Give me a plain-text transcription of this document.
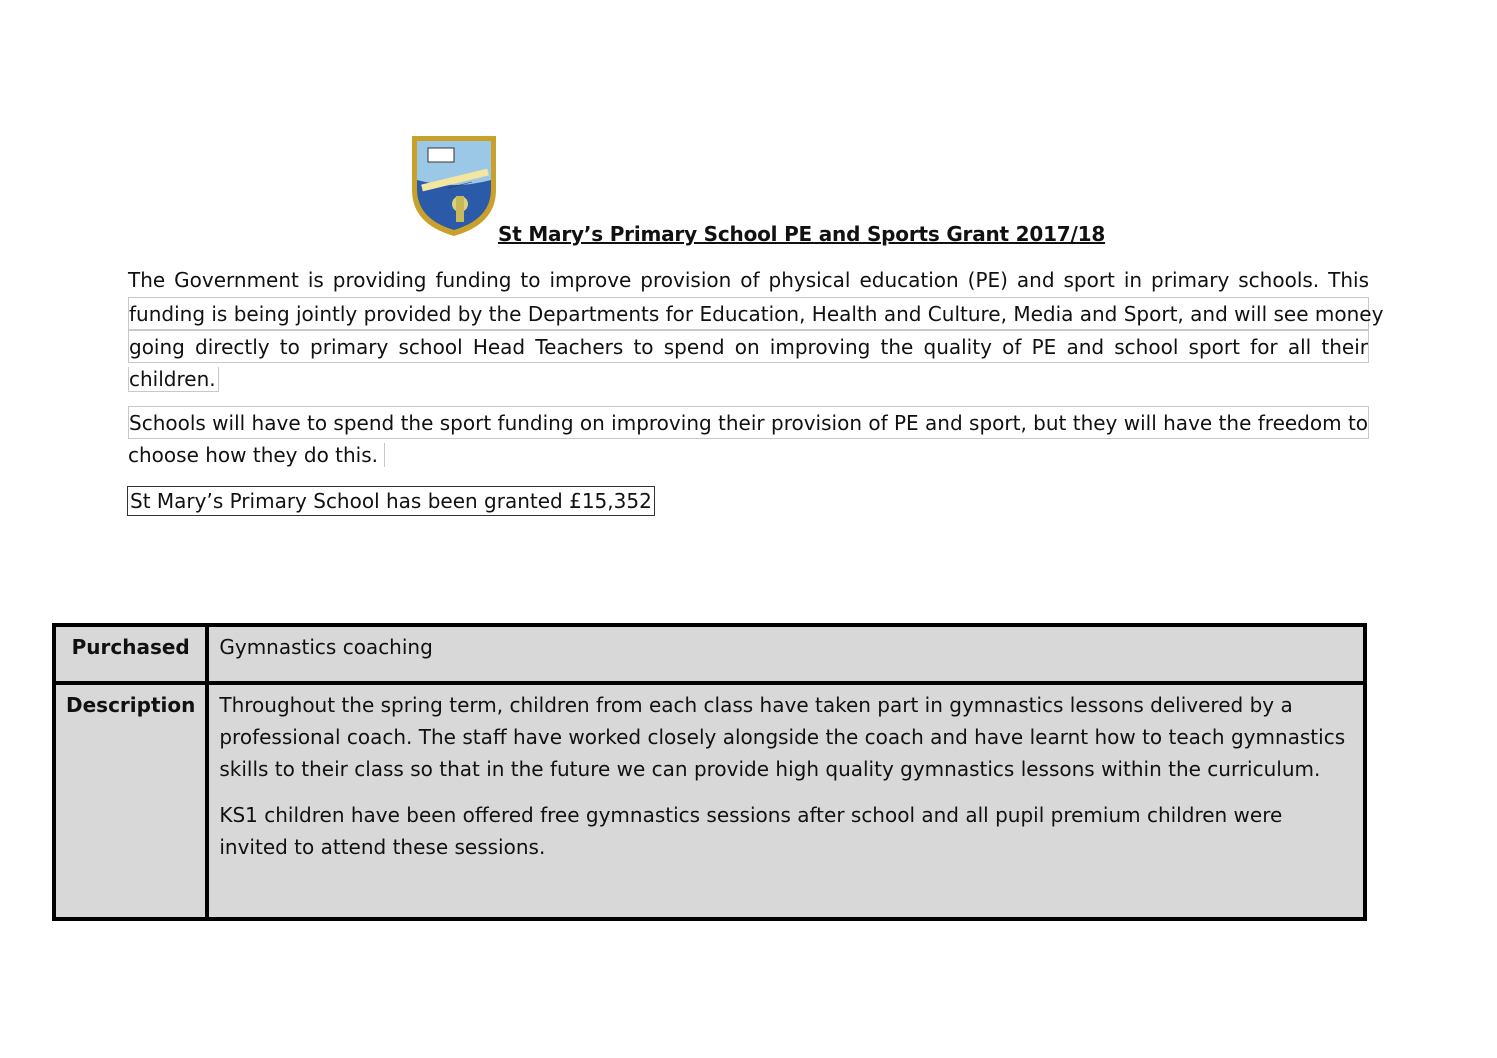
St Mary’s Primary School PE and Sports Grant 2017/18
The Government is providing funding to improve provision of physical education (PE) and sport in primary schools. This
funding is being jointly provided by the Departments for Education, Health and Culture, Media and Sport, and will see money
going directly to primary school Head Teachers to spend on improving the quality of PE and school sport for all their
children.
Schools will have to spend the sport funding on improving their provision of PE and sport, but they will have the freedom to
choose how they do this.
St Mary’s Primary School has been granted £15,352
Purchased	Gymnastics coaching

Description	Throughout the spring term, children from each class have taken part in gymnastics lessons delivered by a professional coach. The staff have worked closely alongside the coach and have learnt how to teach gymnastics skills to their class so that in the future we can provide high quality gymnastics lessons within the curriculum.

KS1 children have been offered free gymnastics sessions after school and all pupil premium children were invited to attend these sessions.
